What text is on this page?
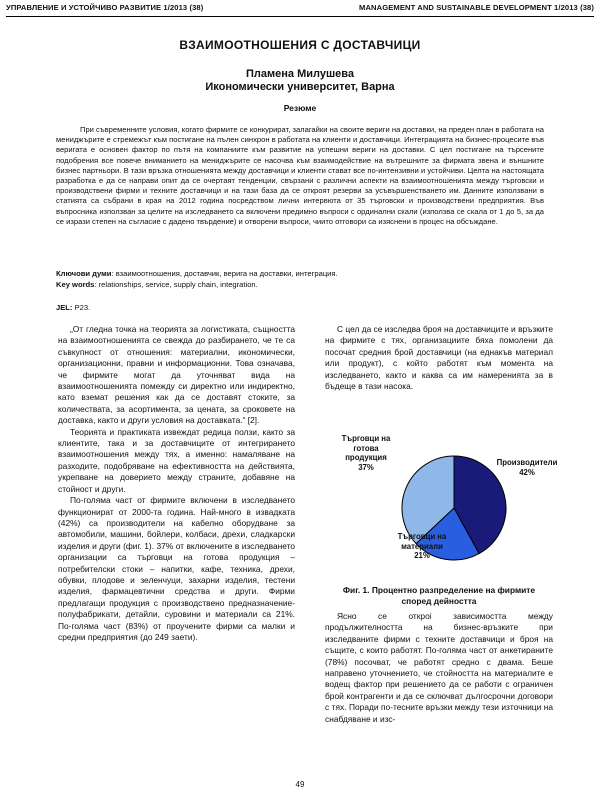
УПРАВЛЕНИЕ И УСТОЙЧИВО РАЗВИТИЕ 1/2013 (38)	MANAGEMENT AND SUSTAINABLE DEVELOPMENT 1/2013 (38)
ВЗАИМООТНОШЕНИЯ С ДОСТАВЧИЦИ
Пламена Милушева
Икономически университет, Варна
Резюме

При съвременните условия, когато фирмите се конкурират, залагайки на своите вериги на доставки, на преден план в работата на мениджърите е стремежът към постигане на пълен синхрон в работата на клиенти и доставчици. Интеграцията на бизнес-процесите във веригата е основен фактор по пътя на компаниите към развитие на успешни вериги на доставки. С цел постигане на търсените подобрения все повече вниманието на мениджърите се насочва към взаимодействие на вътрешните за фирмата звена и външните бизнес партньори. В тази връзка отношенията между доставчици и клиенти стават все по-интензивни и устойчиви. Целта на настоящата разработка е да се направи опит да се очертаят тенденции, свързани с различни аспекти на взаимоотношенията между търговски и производствени фирми и техните доставчици и на тази база да се откроят резерви за усъвършенстването им. Данните използвани в статията са събрани в края на 2012 година посредством лични интервюта от 35 търговски и производствени предприятия. Във въпросника използван за целите на изследването са включени предимно въпроси с ординални скали (използва се скала от 1 до 5, за да се изрази степен на съгласие с дадено твърдение) и отворени въпроси, чиито отговори са изяснени в процес на обсъждане.

Ключови думи: взаимоотношения, доставчик, верига на доставки, интеграция.
Key words: relationships, service, supply chain, integration.
JEL: P23.

„От гледна точка на теорията за логистиката, същността на взаимоотношенията се свежда до разбирането, че те са съвкупност от отношения: материални, икономически, организационни, правни и информационни. Това означава, че фирмите могат да уточняват вида на взаимоотношенията помежду си директно или индиректно, като вземат решения как да се доставят стоките, за количествата, за асортимента, за цената, за сроковете на доставка, както и други условия на доставката.“ [2].

Теорията и практиката извеждат редица ползи, както за клиентите, така и за доставчиците от интегрирането взаимоотношения между тях, а именно: намаляване на разходите, подобряване на ефективността на действията, укрепване на доверието между страните, добавяне на стойност и други.

По-голяма част от фирмите включени в изследването функционират от 2000-та година. Най-много в извадката (42%) са производители на кабелно оборудване за автомобили, машини, бойлери, колбаси, дрехи, сладкарски изделия и други (фиг. 1). 37% от включените в изследването организации са търговци на готова продукция – потребителски стоки – напитки, кафе, техника, дрехи, обувки, плодове и зеленчуци, захарни изделия, тестени изделия, фармацевтични средства и други. Фирми предлагащи продукция с производствено предназначение-полуфабрикати, детайли, суровини и материали са 21%. По-голяма част (83%) от проучените фирми са малки и средни предприятия (до 249 заети).

С цел да се изследва броя на доставчиците и връзките на фирмите с тях, организациите бяха помолени да посочат средния брой доставчици (на еднакъв материал или продукт), с който работят към момента на изследването, както и каква са им намеренията за в бъдеще в тази насока.

Търговци на
готова
продукция
37%	Производители
42%
Търговци на
материали
21%
Фиг. 1. Процентно разпределение на фирмите
според дейността

Ясно се откроi зависимостта между продължителността на бизнес-връзките при изследваните фирми с техните доставчици и броя на същите, с които работят. По-голяма част от анкетираните (78%) посочват, че работят средно с двама. Беше направено уточнението, че стойността на материалите е водещ фактор при решението да се работи с ограничен брой контрагенти и да се сключват дългосрочни договори с тях. Поради по-тесните връзки между тези източници на снабдяване и изс-

49
